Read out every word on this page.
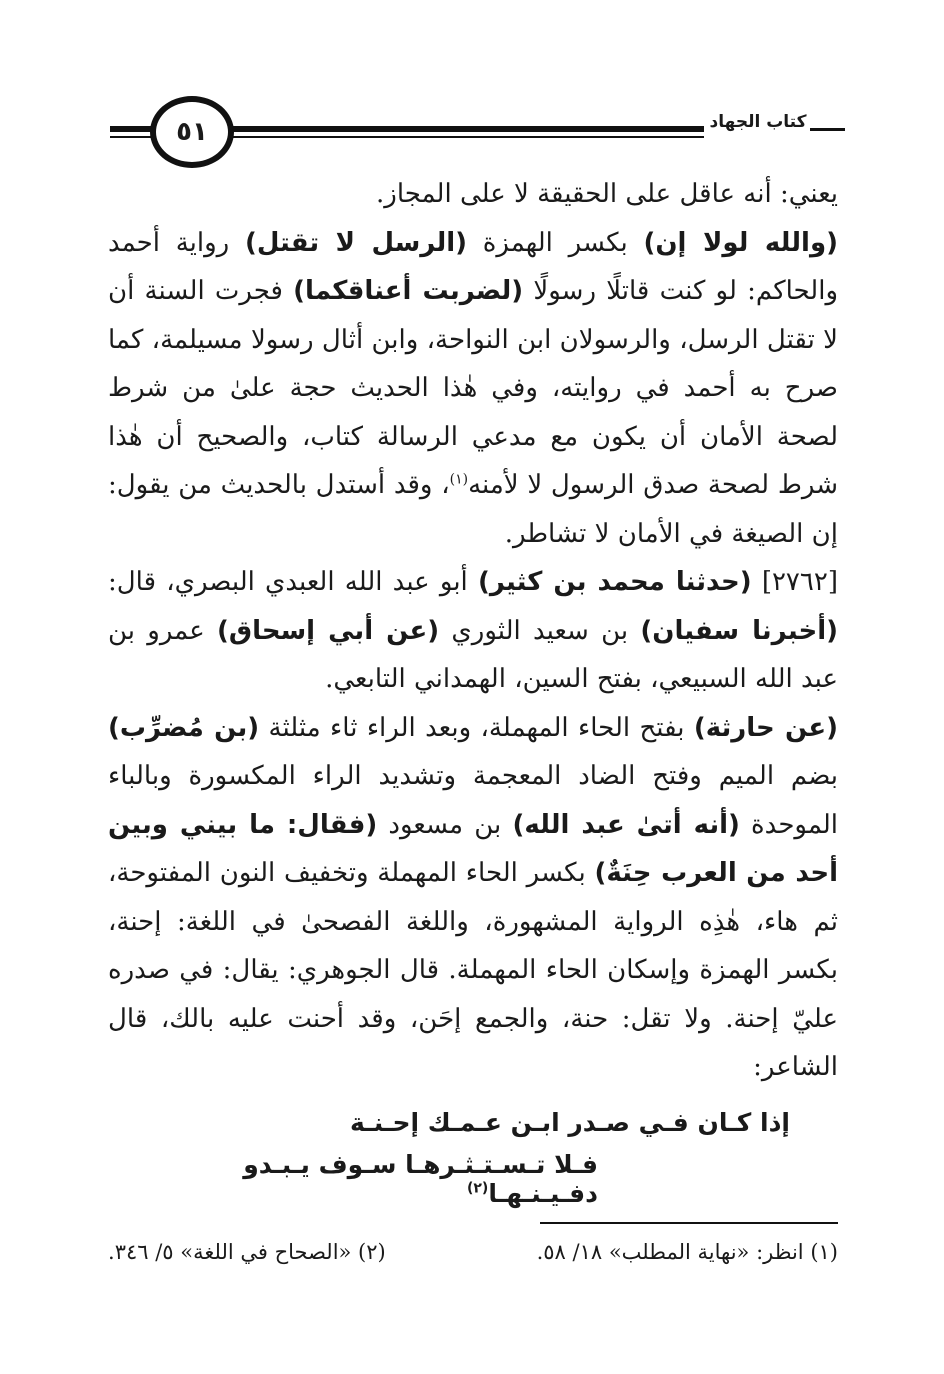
٥١	كتاب الجهاد

يعني: أنه عاقل على الحقيقة لا على المجاز.

(والله لولا إن) بكسر الهمزة (الرسل لا تقتل) رواية أحمد والحاكم: لو كنت قاتلًا رسولًا (لضربت أعناقكما) فجرت السنة أن لا تقتل الرسل، والرسولان ابن النواحة، وابن أثال رسولا مسيلمة، كما صرح به أحمد في روايته، وفي هٰذا الحديث حجة علىٰ من شرط لصحة الأمان أن يكون مع مدعي الرسالة كتاب، والصحيح أن هٰذا شرط لصحة صدق الرسول لا لأمنه$^{(١)}$، وقد أستدل بالحديث من يقول: إن الصيغة في الأمان لا تشاطر.

[٢٧٦٢] (حدثنا محمد بن كثير) أبو عبد الله العبدي البصري، قال: (أخبرنا سفيان) بن سعيد الثوري (عن أبي إسحاق) عمرو بن عبد الله السبيعي، بفتح السين، الهمداني التابعي.

(عن حارثة) بفتح الحاء المهملة، وبعد الراء ثاء مثلثة (بن مُضرِّب) بضم الميم وفتح الضاد المعجمة وتشديد الراء المكسورة وبالباء الموحدة (أنه أتىٰ عبد الله) بن مسعود (فقال: ما بيني وبين أحد من العرب حِنَةٌ) بكسر الحاء المهملة وتخفيف النون المفتوحة، ثم هاء، هٰذِه الرواية المشهورة، واللغة الفصحىٰ في اللغة: إحنة، بكسر الهمزة وإسكان الحاء المهملة. قال الجوهري: يقال: في صدره عليّ إحنة. ولا تقل: حنة، والجمع إحَن، وقد أحنت عليه بالك، قال الشاعر:

إذا كـان فـي صـدر ابـن عـمـك إحـنـة
فـلا تـسـتـثـرهـا سـوف يـبـدو دفـيـنـهـا$^{(٢)}$
(١) انظر: «نهاية المطلب» ١٨/ ٥٨.
(٢) «الصحاح في اللغة» ٥/ ٣٤٦.
